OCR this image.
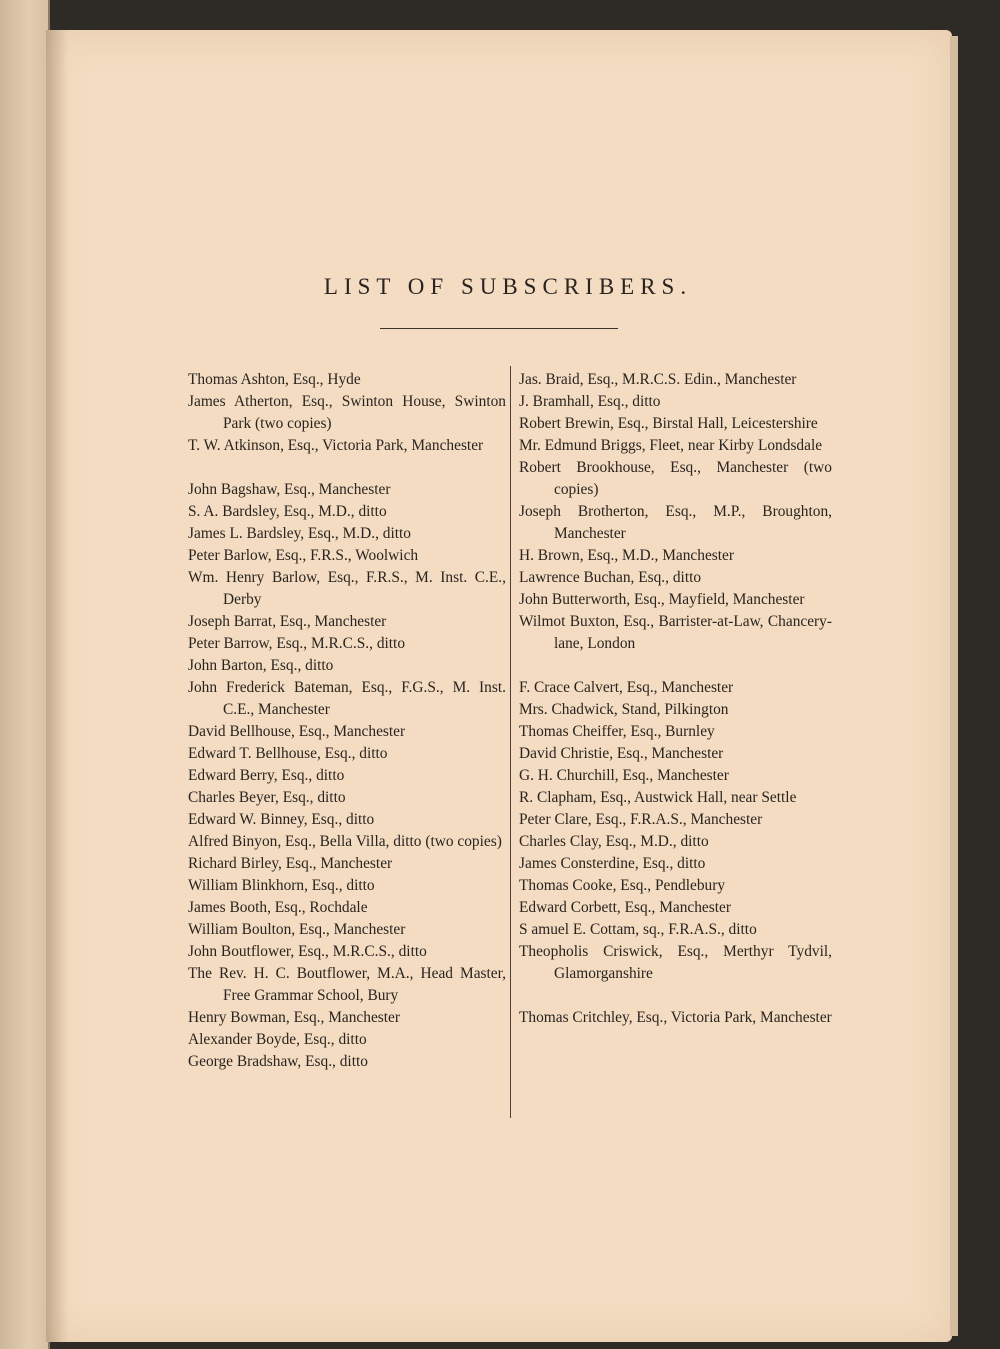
LIST OF SUBSCRIBERS.

Thomas Ashton, Esq., Hyde

James Atherton, Esq., Swinton House, Swinton Park (two copies)

T. W. Atkinson, Esq., Victoria Park, Manchester

John Bagshaw, Esq., Manchester

S. A. Bardsley, Esq., M.D., ditto

James L. Bardsley, Esq., M.D., ditto

Peter Barlow, Esq., F.R.S., Woolwich

Wm. Henry Barlow, Esq., F.R.S., M. Inst. C.E., Derby

Joseph Barrat, Esq., Manchester

Peter Barrow, Esq., M.R.C.S., ditto

John Barton, Esq., ditto

John Frederick Bateman, Esq., F.G.S., M. Inst. C.E., Manchester

David Bellhouse, Esq., Manchester

Edward T. Bellhouse, Esq., ditto

Edward Berry, Esq., ditto

Charles Beyer, Esq., ditto

Edward W. Binney, Esq., ditto

Alfred Binyon, Esq., Bella Villa, ditto (two copies)

Richard Birley, Esq., Manchester

William Blinkhorn, Esq., ditto

James Booth, Esq., Rochdale

William Boulton, Esq., Manchester

John Boutflower, Esq., M.R.C.S., ditto

The Rev. H. C. Boutflower, M.A., Head Master, Free Grammar School, Bury

Henry Bowman, Esq., Manchester

Alexander Boyde, Esq., ditto

George Bradshaw, Esq., ditto

Jas. Braid, Esq., M.R.C.S. Edin., Manchester

J. Bramhall, Esq., ditto

Robert Brewin, Esq., Birstal Hall, Leicestershire

Mr. Edmund Briggs, Fleet, near Kirby Londsdale

Robert Brookhouse, Esq., Manchester (two copies)

Joseph Brotherton, Esq., M.P., Broughton, Manchester

H. Brown, Esq., M.D., Manchester

Lawrence Buchan, Esq., ditto

John Butterworth, Esq., Mayfield, Manchester

Wilmot Buxton, Esq., Barrister-at-Law, Chancery-lane, London

F. Crace Calvert, Esq., Manchester

Mrs. Chadwick, Stand, Pilkington

Thomas Cheiffer, Esq., Burnley

David Christie, Esq., Manchester

G. H. Churchill, Esq., Manchester

R. Clapham, Esq., Austwick Hall, near Settle

Peter Clare, Esq., F.R.A.S., Manchester

Charles Clay, Esq., M.D., ditto

James Consterdine, Esq., ditto

Thomas Cooke, Esq., Pendlebury

Edward Corbett, Esq., Manchester

S amuel E. Cottam, sq., F.R.A.S., ditto

Theopholis Criswick, Esq., Merthyr Tydvil, Glamorganshire

Thomas Critchley, Esq., Victoria Park, Manchester
